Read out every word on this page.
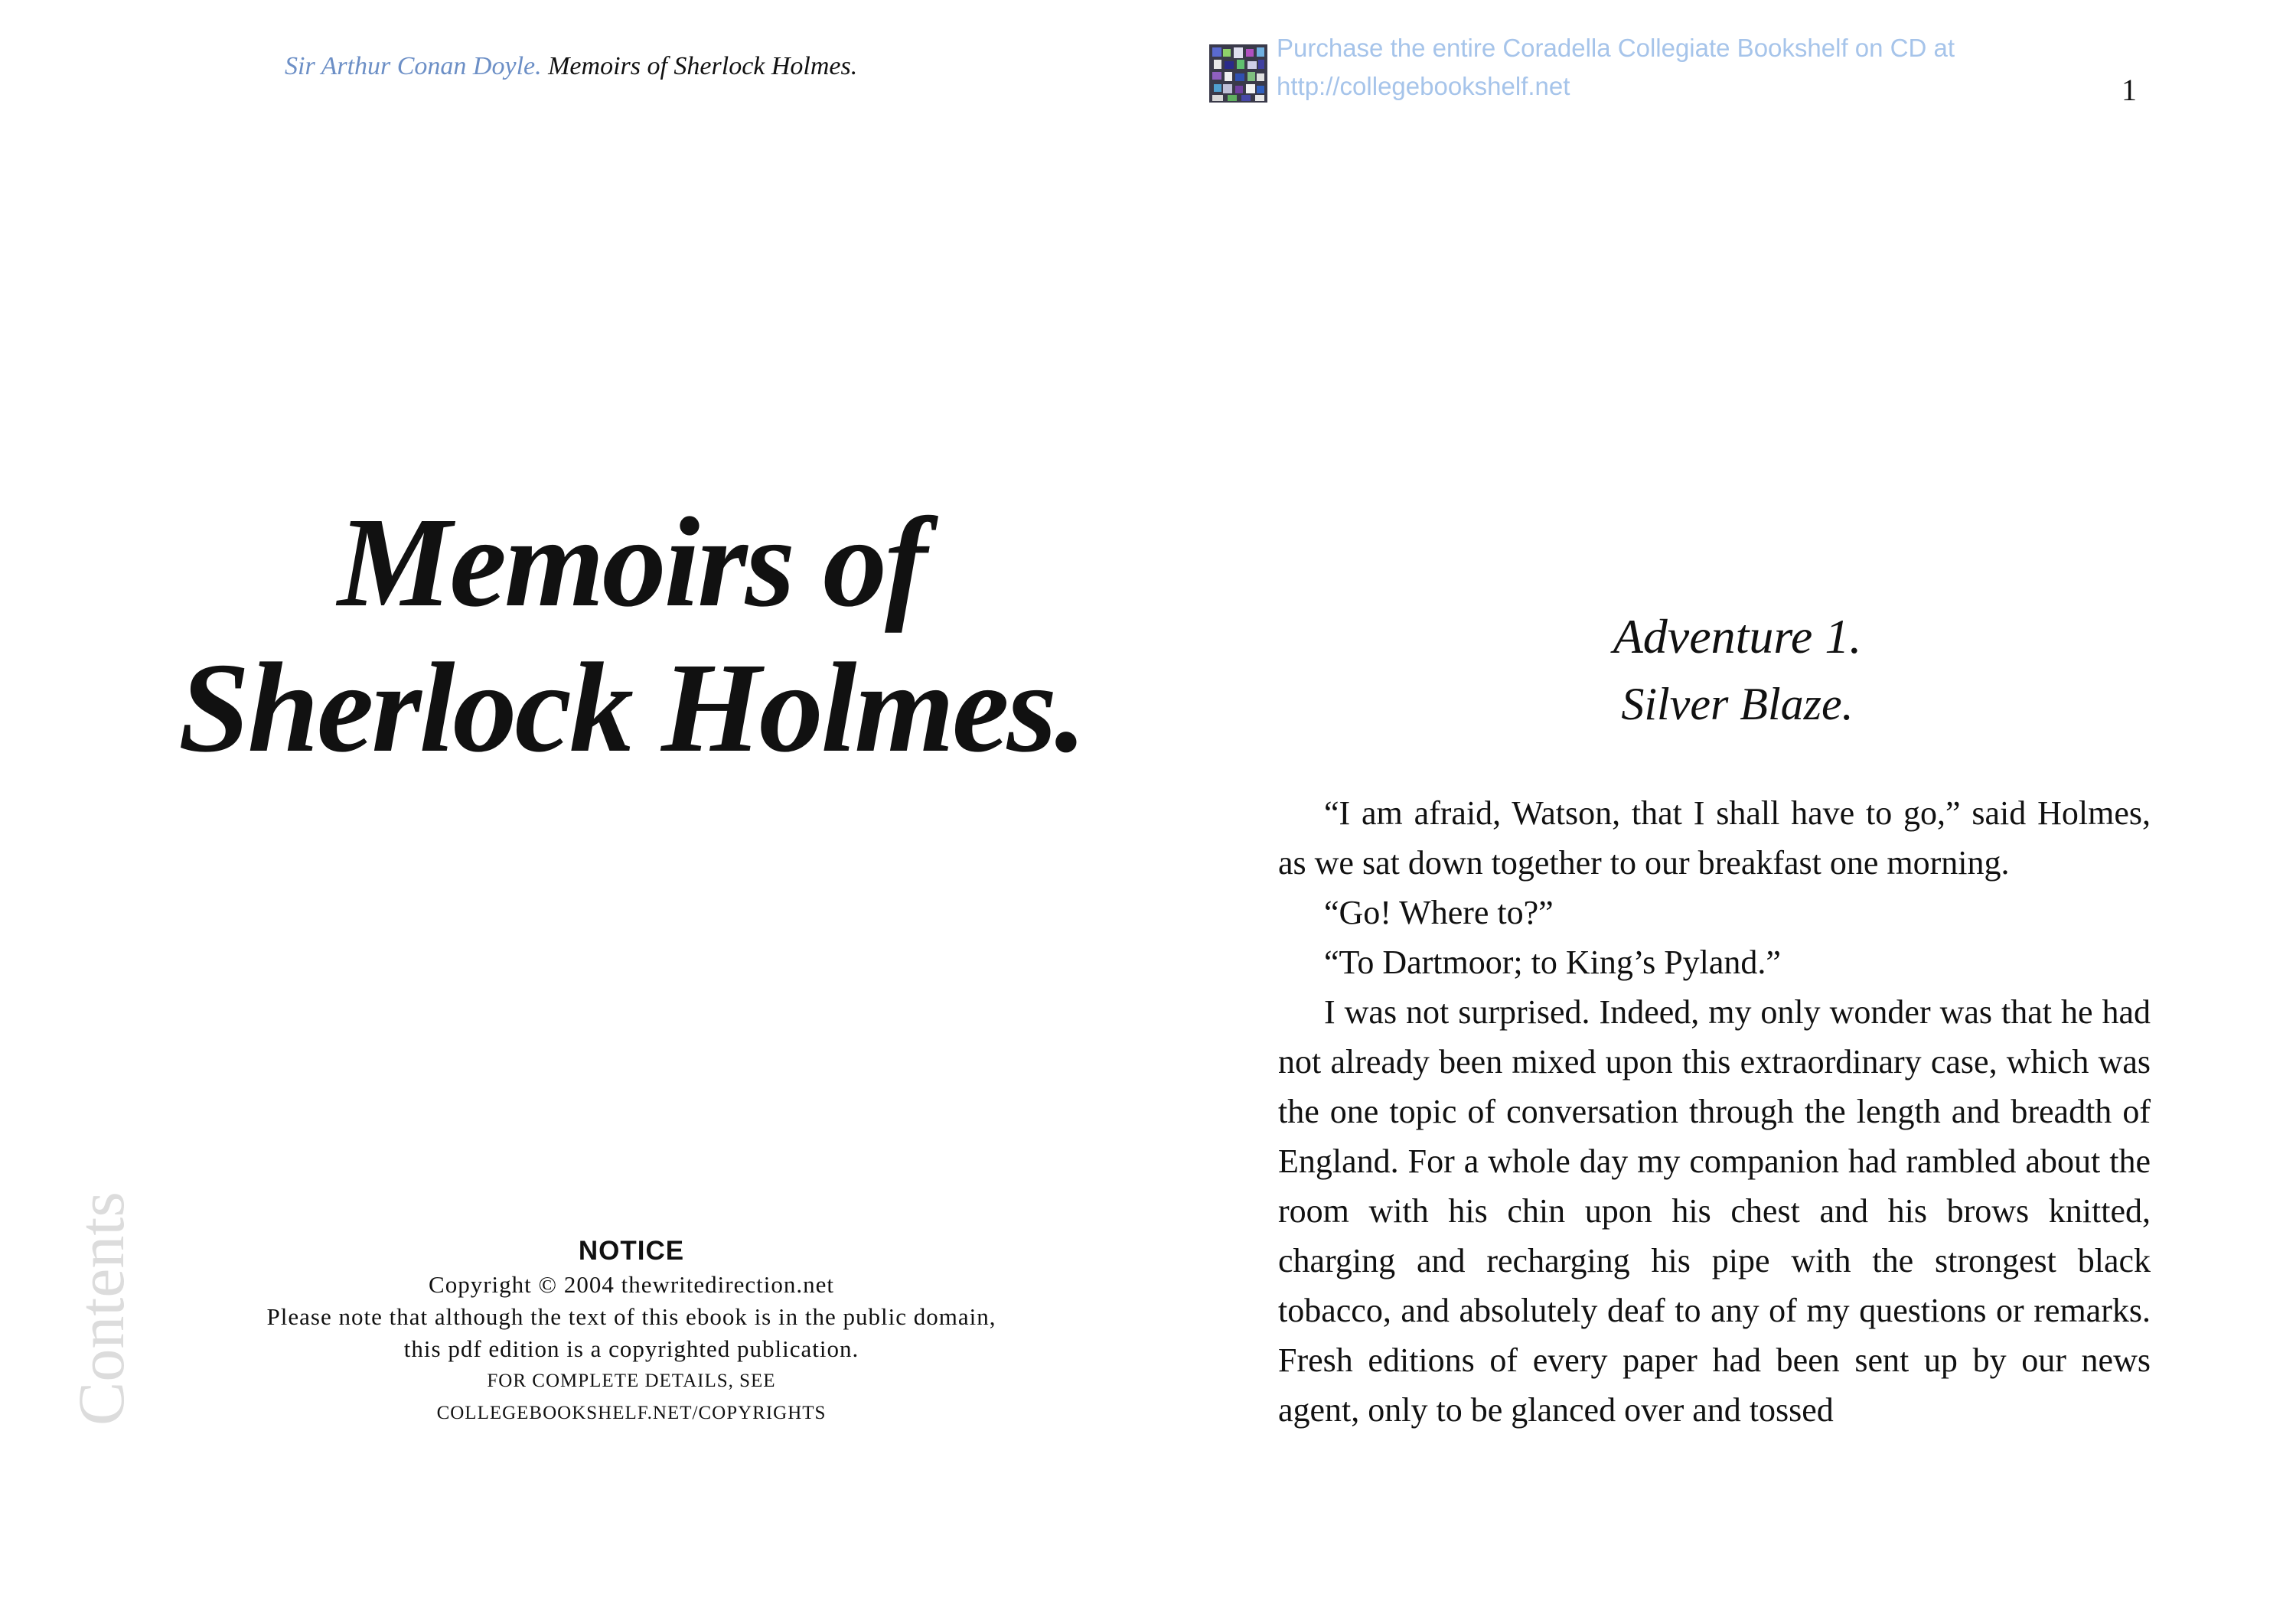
Sir Arthur Conan Doyle. Memoirs of Sherlock Holmes.
Purchase the entire Coradella Collegiate Bookshelf on CD at
http://collegebookshelf.net	1
Memoirs of
Sherlock Holmes.
NOTICE
Copyright © 2004 thewritedirection.net
Please note that although the text of this ebook is in the public domain,
this pdf edition is a copyrighted publication.
FOR COMPLETE DETAILS, SEE
COLLEGEBOOKSHELF.NET/COPYRIGHTS
Contents
Adventure 1.
Silver Blaze.

“I am afraid, Watson, that I shall have to go,” said Holmes, as we sat down together to our breakfast one morning.

“Go! Where to?”

“To Dartmoor; to King’s Pyland.”

I was not surprised. Indeed, my only wonder was that he had not already been mixed upon this extraordinary case, which was the one topic of conversation through the length and breadth of England. For a whole day my companion had rambled about the room with his chin upon his chest and his brows knitted, charging and recharging his pipe with the strongest black tobacco, and absolutely deaf to any of my questions or remarks. Fresh editions of every paper had been sent up by our news agent, only to be glanced over and tossed
